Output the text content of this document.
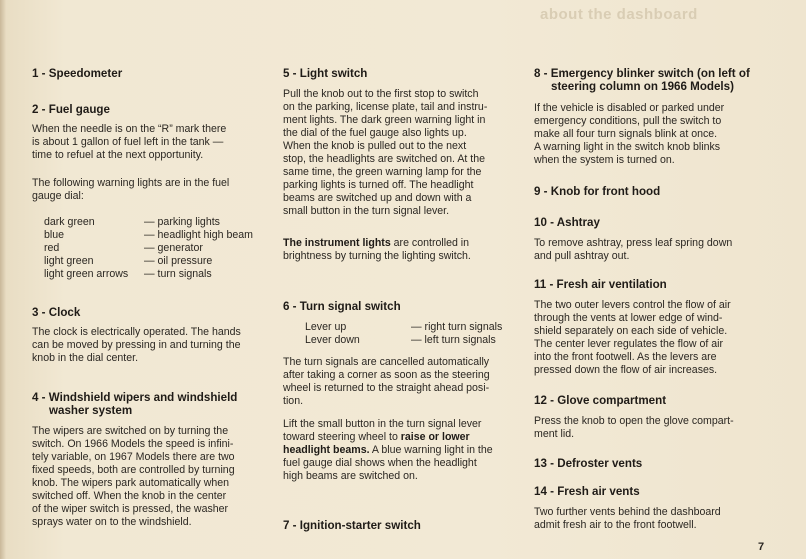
about the dashboard
1 - Speedometer
2 - Fuel gauge
When the needle is on the “R” mark there
is about 1 gallon of fuel left in the tank —
time to refuel at the next opportunity.
The following warning lights are in the fuel
gauge dial:
dark green	— parking lights
blue	— headlight high beam
red	— generator
light green	— oil pressure
light green arrows — turn signals
3 - Clock
The clock is electrically operated. The hands
can be moved by pressing in and turning the
knob in the dial center.
4 - Windshield wipers and windshield
washer system
The wipers are switched on by turning the
switch. On 1966 Models the speed is infini-
tely variable, on 1967 Models there are two
fixed speeds, both are controlled by turning
knob. The wipers park automatically when
switched off. When the knob in the center
of the wiper switch is pressed, the washer
sprays water on to the windshield.
5 - Light switch
Pull the knob out to the first stop to switch
on the parking, license plate, tail and instru-
ment lights. The dark green warning light in
the dial of the fuel gauge also lights up.
When the knob is pulled out to the next
stop, the headlights are switched on. At the
same time, the green warning lamp for the
parking lights is turned off. The headlight
beams are switched up and down with a
small button in the turn signal lever.
The instrument lights are controlled in
brightness by turning the lighting switch.
6 - Turn signal switch
Lever up	— right turn signals
Lever down	— left turn signals
The turn signals are cancelled automatically
after taking a corner as soon as the steering
wheel is returned to the straight ahead posi-
tion.
Lift the small button in the turn signal lever
toward steering wheel to raise or lower
headlight beams. A blue warning light in the
fuel gauge dial shows when the headlight
high beams are switched on.
7 - Ignition-starter switch
8 - Emergency blinker switch (on left of
steering column on 1966 Models)
If the vehicle is disabled or parked under
emergency conditions, pull the switch to
make all four turn signals blink at once.
A warning light in the switch knob blinks
when the system is turned on.
9 - Knob for front hood
10 - Ashtray
To remove ashtray, press leaf spring down
and pull ashtray out.
11 - Fresh air ventilation
The two outer levers control the flow of air
through the vents at lower edge of wind-
shield separately on each side of vehicle.
The center lever regulates the flow of air
into the front footwell. As the levers are
pressed down the flow of air increases.
12 - Glove compartment
Press the knob to open the glove compart-
ment lid.
13 - Defroster vents
14 - Fresh air vents
Two further vents behind the dashboard
admit fresh air to the front footwell.
7
